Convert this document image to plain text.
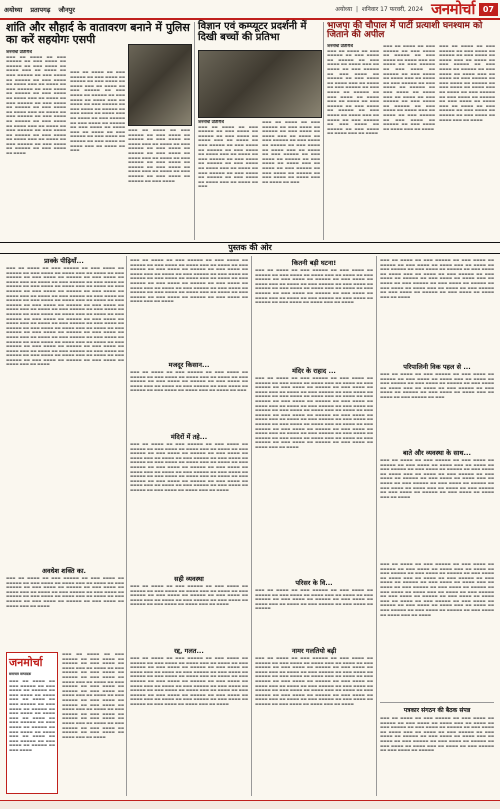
अयोध्या प्रतापगढ़ जौनपुर	अयोध्या  |  शनिवार 17 फरवरी, 2024 जनमोर्चा	07
शांति और सौहार्द के वातावरण बनाने में पुलिस का करें सहयोगः एसपी
जनमोर्चा प्रतिनिधि
▬▬▬ ▬▬ ▬▬▬▬ ▬▬ ▬▬▬ ▬▬▬▬▬ ▬▬ ▬▬▬ ▬▬▬▬ ▬▬ ▬▬▬▬▬ ▬▬ ▬▬▬ ▬▬▬▬ ▬▬ ▬▬▬▬ ▬▬▬ ▬▬ ▬▬▬▬ ▬▬ ▬▬▬ ▬▬▬▬▬ ▬▬ ▬▬▬ ▬▬▬▬ ▬▬ ▬▬▬▬▬ ▬▬ ▬▬▬ ▬▬▬▬ ▬▬ ▬▬▬▬ ▬▬▬ ▬▬ ▬▬▬▬ ▬▬ ▬▬▬ ▬▬▬▬▬ ▬▬ ▬▬▬ ▬▬▬▬ ▬▬ ▬▬▬▬▬ ▬▬ ▬▬▬ ▬▬▬▬ ▬▬ ▬▬▬▬ ▬▬▬ ▬▬ ▬▬▬▬ ▬▬ ▬▬▬ ▬▬▬▬▬ ▬▬ ▬▬▬ ▬▬▬▬ ▬▬ ▬▬▬▬▬ ▬▬ ▬▬▬ ▬▬▬▬ ▬▬ ▬▬▬▬ ▬▬▬ ▬▬ ▬▬▬▬ ▬▬ ▬▬▬ ▬▬▬▬▬ ▬▬ ▬▬▬ ▬▬▬▬ ▬▬ ▬▬▬▬▬ ▬▬ ▬▬▬ ▬▬▬▬ ▬▬ ▬▬▬▬ ▬▬▬ ▬▬ ▬▬▬▬ ▬▬ ▬▬▬ ▬▬▬▬▬ ▬▬ ▬▬▬ ▬▬▬▬ ▬▬ ▬▬▬▬▬ ▬▬ ▬▬▬ ▬▬▬▬ ▬▬ ▬▬▬▬ ▬▬▬ ▬▬ ▬▬▬▬ ▬▬ ▬▬▬ ▬▬▬▬▬ ▬▬ ▬▬▬ ▬▬▬▬ ▬▬ ▬▬▬▬▬ ▬▬ ▬▬▬ ▬▬▬▬ ▬▬ ▬▬▬▬
▬▬▬ ▬▬ ▬▬▬▬ ▬▬ ▬▬▬ ▬▬▬▬▬ ▬▬ ▬▬▬ ▬▬▬▬ ▬▬ ▬▬▬▬▬ ▬▬ ▬▬▬ ▬▬▬▬ ▬▬ ▬▬▬▬ ▬▬▬ ▬▬ ▬▬▬▬ ▬▬ ▬▬▬ ▬▬▬▬▬ ▬▬ ▬▬▬ ▬▬▬▬ ▬▬ ▬▬▬▬▬ ▬▬ ▬▬▬ ▬▬▬▬ ▬▬ ▬▬▬▬ ▬▬▬ ▬▬ ▬▬▬▬ ▬▬ ▬▬▬ ▬▬▬▬▬ ▬▬ ▬▬▬ ▬▬▬▬ ▬▬ ▬▬▬▬▬ ▬▬ ▬▬▬ ▬▬▬▬ ▬▬ ▬▬▬▬ ▬▬▬ ▬▬ ▬▬▬▬ ▬▬ ▬▬▬ ▬▬▬▬▬ ▬▬ ▬▬▬ ▬▬▬▬ ▬▬ ▬▬▬▬▬ ▬▬ ▬▬▬ ▬▬▬▬ ▬▬ ▬▬▬▬ ▬▬▬ ▬▬ ▬▬▬▬ ▬▬ ▬▬▬ ▬▬▬▬▬ ▬▬ ▬▬▬ ▬▬▬▬ ▬▬ ▬▬▬▬▬ ▬▬ ▬▬▬ ▬▬▬▬ ▬▬ ▬▬▬▬ ▬▬▬ ▬▬ ▬▬▬▬ ▬▬ ▬▬▬
▬▬▬ ▬▬ ▬▬▬▬ ▬▬ ▬▬▬ ▬▬▬▬▬ ▬▬ ▬▬▬ ▬▬▬▬ ▬▬ ▬▬▬▬▬ ▬▬ ▬▬▬ ▬▬▬▬ ▬▬ ▬▬▬▬ ▬▬▬ ▬▬ ▬▬▬▬ ▬▬ ▬▬▬ ▬▬▬▬▬ ▬▬ ▬▬▬ ▬▬▬▬ ▬▬ ▬▬▬▬▬ ▬▬ ▬▬▬ ▬▬▬▬ ▬▬ ▬▬▬▬ ▬▬▬ ▬▬ ▬▬▬▬ ▬▬ ▬▬▬ ▬▬▬▬▬ ▬▬ ▬▬▬ ▬▬▬▬ ▬▬ ▬▬▬▬▬ ▬▬ ▬▬▬ ▬▬▬▬ ▬▬ ▬▬▬▬ ▬▬▬ ▬▬ ▬▬▬▬ ▬▬ ▬▬▬ ▬▬▬▬▬ ▬▬ ▬▬▬ ▬▬▬▬ ▬▬ ▬▬▬▬▬ ▬▬ ▬▬▬ ▬▬▬▬
विज्ञान एवं कम्प्यूटर प्रदर्शनी में दिखी बच्चों की प्रतिभा
जनमोर्चा प्रतिनिधि
▬▬▬ ▬▬ ▬▬▬▬ ▬▬ ▬▬▬ ▬▬▬▬▬ ▬▬ ▬▬▬ ▬▬▬▬ ▬▬ ▬▬▬▬▬ ▬▬ ▬▬▬ ▬▬▬▬ ▬▬ ▬▬▬▬ ▬▬▬ ▬▬ ▬▬▬▬ ▬▬ ▬▬▬ ▬▬▬▬▬ ▬▬ ▬▬▬ ▬▬▬▬ ▬▬ ▬▬▬▬▬ ▬▬ ▬▬▬ ▬▬▬▬ ▬▬ ▬▬▬▬ ▬▬▬ ▬▬ ▬▬▬▬ ▬▬ ▬▬▬ ▬▬▬▬▬ ▬▬ ▬▬▬ ▬▬▬▬ ▬▬ ▬▬▬▬▬ ▬▬ ▬▬▬ ▬▬▬▬ ▬▬ ▬▬▬▬ ▬▬▬ ▬▬ ▬▬▬▬ ▬▬ ▬▬▬ ▬▬▬▬▬ ▬▬ ▬▬▬ ▬▬▬▬ ▬▬ ▬▬▬▬▬ ▬▬ ▬▬▬ ▬▬▬▬ ▬▬ ▬▬▬▬ ▬▬▬ ▬▬ ▬▬▬▬ ▬▬ ▬▬▬
▬▬▬ ▬▬ ▬▬▬▬ ▬▬ ▬▬▬ ▬▬▬▬▬ ▬▬ ▬▬▬ ▬▬▬▬ ▬▬ ▬▬▬▬▬ ▬▬ ▬▬▬ ▬▬▬▬ ▬▬ ▬▬▬▬ ▬▬▬ ▬▬ ▬▬▬▬ ▬▬ ▬▬▬ ▬▬▬▬▬ ▬▬ ▬▬▬ ▬▬▬▬ ▬▬ ▬▬▬▬▬ ▬▬ ▬▬▬ ▬▬▬▬ ▬▬ ▬▬▬▬ ▬▬▬ ▬▬ ▬▬▬▬ ▬▬ ▬▬▬ ▬▬▬▬▬ ▬▬ ▬▬▬ ▬▬▬▬ ▬▬ ▬▬▬▬▬ ▬▬ ▬▬▬ ▬▬▬▬ ▬▬ ▬▬▬▬ ▬▬▬ ▬▬ ▬▬▬▬ ▬▬ ▬▬▬ ▬▬▬▬▬ ▬▬ ▬▬▬ ▬▬▬▬ ▬▬ ▬▬▬▬▬ ▬▬ ▬▬▬ ▬▬▬▬ ▬▬ ▬▬▬▬ ▬▬▬ ▬▬ ▬▬▬▬ ▬▬ ▬▬▬
भाजपा की चौपाल में पार्टी प्रत्याशी घनश्याम को जिताने की अपील
जनमोर्चा प्रतिनिधि
▬▬▬ ▬▬ ▬▬▬▬ ▬▬ ▬▬▬ ▬▬▬▬▬ ▬▬ ▬▬▬ ▬▬▬▬ ▬▬ ▬▬▬▬▬ ▬▬ ▬▬▬ ▬▬▬▬ ▬▬ ▬▬▬▬ ▬▬▬ ▬▬ ▬▬▬▬ ▬▬ ▬▬▬ ▬▬▬▬▬ ▬▬ ▬▬▬ ▬▬▬▬ ▬▬ ▬▬▬▬▬ ▬▬ ▬▬▬ ▬▬▬▬ ▬▬ ▬▬▬▬ ▬▬▬ ▬▬ ▬▬▬▬ ▬▬ ▬▬▬ ▬▬▬▬▬ ▬▬ ▬▬▬ ▬▬▬▬ ▬▬ ▬▬▬▬▬ ▬▬ ▬▬▬ ▬▬▬▬ ▬▬ ▬▬▬▬ ▬▬▬ ▬▬ ▬▬▬▬ ▬▬ ▬▬▬ ▬▬▬▬▬ ▬▬ ▬▬▬ ▬▬▬▬ ▬▬ ▬▬▬▬▬ ▬▬ ▬▬▬ ▬▬▬▬ ▬▬ ▬▬▬▬ ▬▬▬ ▬▬ ▬▬▬▬ ▬▬ ▬▬▬ ▬▬▬▬▬ ▬▬ ▬▬▬ ▬▬▬▬ ▬▬ ▬▬▬▬▬ ▬▬ ▬▬▬ ▬▬▬▬ ▬▬ ▬▬▬▬ ▬▬▬ ▬▬ ▬▬▬▬
▬▬▬ ▬▬ ▬▬▬▬ ▬▬ ▬▬▬ ▬▬▬▬▬ ▬▬ ▬▬▬ ▬▬▬▬ ▬▬ ▬▬▬▬▬ ▬▬ ▬▬▬ ▬▬▬▬ ▬▬ ▬▬▬▬ ▬▬▬ ▬▬ ▬▬▬▬ ▬▬ ▬▬▬ ▬▬▬▬▬ ▬▬ ▬▬▬ ▬▬▬▬ ▬▬ ▬▬▬▬▬ ▬▬ ▬▬▬ ▬▬▬▬ ▬▬ ▬▬▬▬ ▬▬▬ ▬▬ ▬▬▬▬ ▬▬ ▬▬▬ ▬▬▬▬▬ ▬▬ ▬▬▬ ▬▬▬▬ ▬▬ ▬▬▬▬▬ ▬▬ ▬▬▬ ▬▬▬▬ ▬▬ ▬▬▬▬ ▬▬▬ ▬▬ ▬▬▬▬ ▬▬ ▬▬▬ ▬▬▬▬▬ ▬▬ ▬▬▬ ▬▬▬▬ ▬▬ ▬▬▬▬▬ ▬▬ ▬▬▬ ▬▬▬▬ ▬▬ ▬▬▬▬ ▬▬▬ ▬▬ ▬▬▬▬ ▬▬ ▬▬▬ ▬▬▬▬▬ ▬▬ ▬▬▬ ▬▬▬▬ ▬▬ ▬▬▬▬▬ ▬▬ ▬▬▬ ▬▬▬▬ ▬▬ ▬▬▬▬ ▬▬▬ ▬▬ ▬▬▬▬
▬▬▬ ▬▬ ▬▬▬▬ ▬▬ ▬▬▬ ▬▬▬▬▬ ▬▬ ▬▬▬ ▬▬▬▬ ▬▬ ▬▬▬▬▬ ▬▬ ▬▬▬ ▬▬▬▬ ▬▬ ▬▬▬▬ ▬▬▬ ▬▬ ▬▬▬▬ ▬▬ ▬▬▬ ▬▬▬▬▬ ▬▬ ▬▬▬ ▬▬▬▬ ▬▬ ▬▬▬▬▬ ▬▬ ▬▬▬ ▬▬▬▬ ▬▬ ▬▬▬▬ ▬▬▬ ▬▬ ▬▬▬▬ ▬▬ ▬▬▬ ▬▬▬▬▬ ▬▬ ▬▬▬ ▬▬▬▬ ▬▬ ▬▬▬▬▬ ▬▬ ▬▬▬ ▬▬▬▬ ▬▬ ▬▬▬▬ ▬▬▬ ▬▬ ▬▬▬▬ ▬▬ ▬▬▬ ▬▬▬▬▬ ▬▬ ▬▬▬ ▬▬▬▬ ▬▬ ▬▬▬▬▬ ▬▬ ▬▬▬ ▬▬▬▬ ▬▬ ▬▬▬▬ ▬▬▬ ▬▬ ▬▬▬▬ ▬▬ ▬▬▬ ▬▬▬▬▬ ▬▬ ▬▬▬ ▬▬▬▬ ▬▬ ▬▬▬▬▬ ▬▬ ▬▬▬ ▬▬▬▬ ▬▬ ▬▬▬▬ ▬▬▬ ▬▬ ▬▬▬▬
पुस्तक की ओर
प्राक्के पीढ़ियाँ...
▬▬▬ ▬▬ ▬▬▬▬ ▬▬ ▬▬▬ ▬▬▬▬▬ ▬▬ ▬▬▬ ▬▬▬▬ ▬▬ ▬▬▬▬▬ ▬▬ ▬▬▬ ▬▬▬▬ ▬▬ ▬▬▬▬ ▬▬▬ ▬▬ ▬▬▬▬ ▬▬ ▬▬▬ ▬▬▬▬▬ ▬▬ ▬▬▬ ▬▬▬▬ ▬▬ ▬▬▬▬▬ ▬▬ ▬▬▬ ▬▬▬▬ ▬▬ ▬▬▬▬ ▬▬▬ ▬▬ ▬▬▬▬ ▬▬ ▬▬▬ ▬▬▬▬▬ ▬▬ ▬▬▬ ▬▬▬▬ ▬▬ ▬▬▬▬▬ ▬▬ ▬▬▬ ▬▬▬▬ ▬▬ ▬▬▬▬ ▬▬▬ ▬▬ ▬▬▬▬ ▬▬ ▬▬▬ ▬▬▬▬▬ ▬▬ ▬▬▬ ▬▬▬▬ ▬▬ ▬▬▬▬▬ ▬▬ ▬▬▬ ▬▬▬▬ ▬▬ ▬▬▬▬ ▬▬▬ ▬▬ ▬▬▬▬ ▬▬ ▬▬▬ ▬▬▬▬▬ ▬▬ ▬▬▬ ▬▬▬▬ ▬▬ ▬▬▬▬▬ ▬▬ ▬▬▬ ▬▬▬▬ ▬▬ ▬▬▬▬ ▬▬▬ ▬▬ ▬▬▬▬ ▬▬ ▬▬▬ ▬▬▬▬▬ ▬▬ ▬▬▬ ▬▬▬▬ ▬▬ ▬▬▬▬▬ ▬▬ ▬▬▬ ▬▬▬▬ ▬▬ ▬▬▬▬ ▬▬▬ ▬▬ ▬▬▬▬ ▬▬ ▬▬▬ ▬▬▬▬▬ ▬▬ ▬▬▬ ▬▬▬▬ ▬▬ ▬▬▬▬▬ ▬▬ ▬▬▬ ▬▬▬▬ ▬▬ ▬▬▬▬ ▬▬▬ ▬▬ ▬▬▬▬ ▬▬ ▬▬▬ ▬▬▬▬▬ ▬▬ ▬▬▬ ▬▬▬▬ ▬▬ ▬▬▬▬▬ ▬▬ ▬▬▬ ▬▬▬▬ ▬▬ ▬▬▬▬ ▬▬▬ ▬▬ ▬▬▬▬ ▬▬ ▬▬▬ ▬▬▬▬▬ ▬▬ ▬▬▬ ▬▬▬▬ ▬▬ ▬▬▬▬▬ ▬▬ ▬▬▬ ▬▬▬▬ ▬▬ ▬▬▬▬ ▬▬▬ ▬▬ ▬▬▬▬ ▬▬ ▬▬▬ ▬▬▬▬▬ ▬▬ ▬▬▬ ▬▬▬▬ ▬▬ ▬▬▬▬▬ ▬▬ ▬▬▬ ▬▬▬▬ ▬▬ ▬▬▬▬ ▬▬▬ ▬▬ ▬▬▬▬ ▬▬ ▬▬▬ ▬▬▬▬▬ ▬▬ ▬▬▬ ▬▬▬▬ ▬▬ ▬▬▬▬▬ ▬▬ ▬▬▬ ▬▬▬▬ ▬▬ ▬▬▬▬ ▬▬▬ ▬▬ ▬▬▬▬ ▬▬ ▬▬▬ ▬▬▬▬▬ ▬▬ ▬▬▬ ▬▬▬▬ ▬▬ ▬▬▬▬▬ ▬▬ ▬▬▬ ▬▬▬▬ ▬▬ ▬▬▬▬ ▬▬▬ ▬▬ ▬▬▬▬ ▬▬ ▬▬▬ ▬▬▬▬▬ ▬▬ ▬▬▬ ▬▬▬▬ ▬▬ ▬▬▬▬▬ ▬▬ ▬▬▬ ▬▬▬▬ ▬▬ ▬▬▬▬ ▬▬▬ ▬▬ ▬▬▬▬ ▬▬ ▬▬▬ ▬▬▬▬▬ ▬▬ ▬▬▬ ▬▬▬▬ ▬▬ ▬▬▬▬▬ ▬▬ ▬▬▬ ▬▬▬▬ ▬▬ ▬▬▬▬ ▬▬▬ ▬▬ ▬▬▬▬
अवधेश शक्ति का.
▬▬▬ ▬▬ ▬▬▬▬ ▬▬ ▬▬▬ ▬▬▬▬▬ ▬▬ ▬▬▬ ▬▬▬▬ ▬▬ ▬▬▬▬▬ ▬▬ ▬▬▬ ▬▬▬▬ ▬▬ ▬▬▬▬ ▬▬▬ ▬▬ ▬▬▬▬ ▬▬ ▬▬▬ ▬▬▬▬▬ ▬▬ ▬▬▬ ▬▬▬▬ ▬▬ ▬▬▬▬▬ ▬▬ ▬▬▬ ▬▬▬▬ ▬▬ ▬▬▬▬ ▬▬▬ ▬▬ ▬▬▬▬ ▬▬ ▬▬▬ ▬▬▬▬▬ ▬▬ ▬▬▬ ▬▬▬▬ ▬▬ ▬▬▬▬▬ ▬▬ ▬▬▬ ▬▬▬▬ ▬▬ ▬▬▬▬ ▬▬▬ ▬▬ ▬▬▬▬ ▬▬ ▬▬▬ ▬▬▬▬▬ ▬▬ ▬▬▬ ▬▬▬▬ ▬▬ ▬▬▬▬▬ ▬▬ ▬▬▬ ▬▬▬▬ ▬▬ ▬▬▬▬ ▬▬▬ ▬▬ ▬▬▬▬
जनमोर्चा
समाचार सम्पादक
▬▬▬ ▬▬ ▬▬▬▬ ▬▬ ▬▬▬ ▬▬▬▬▬ ▬▬ ▬▬▬ ▬▬▬▬ ▬▬ ▬▬▬▬▬ ▬▬ ▬▬▬ ▬▬▬▬ ▬▬ ▬▬▬▬ ▬▬▬ ▬▬ ▬▬▬▬ ▬▬ ▬▬▬ ▬▬▬▬▬ ▬▬ ▬▬▬ ▬▬▬▬ ▬▬ ▬▬▬▬▬ ▬▬ ▬▬▬ ▬▬▬▬ ▬▬ ▬▬▬▬ ▬▬▬ ▬▬ ▬▬▬▬ ▬▬ ▬▬▬ ▬▬▬▬▬ ▬▬ ▬▬▬ ▬▬▬▬ ▬▬ ▬▬▬▬▬ ▬▬ ▬▬▬ ▬▬▬▬ ▬▬ ▬▬▬▬ ▬▬▬ ▬▬ ▬▬▬▬ ▬▬ ▬▬▬ ▬▬▬▬▬ ▬▬ ▬▬▬ ▬▬▬▬ ▬▬ ▬▬▬▬▬ ▬▬ ▬▬▬ ▬▬▬▬
▬▬▬ ▬▬ ▬▬▬▬ ▬▬ ▬▬▬ ▬▬▬▬▬ ▬▬ ▬▬▬ ▬▬▬▬ ▬▬ ▬▬▬▬▬ ▬▬ ▬▬▬ ▬▬▬▬ ▬▬ ▬▬▬▬ ▬▬▬ ▬▬ ▬▬▬▬ ▬▬ ▬▬▬ ▬▬▬▬▬ ▬▬ ▬▬▬ ▬▬▬▬ ▬▬ ▬▬▬▬▬ ▬▬ ▬▬▬ ▬▬▬▬ ▬▬ ▬▬▬▬ ▬▬▬ ▬▬ ▬▬▬▬ ▬▬ ▬▬▬ ▬▬▬▬▬ ▬▬ ▬▬▬ ▬▬▬▬ ▬▬ ▬▬▬▬▬ ▬▬ ▬▬▬ ▬▬▬▬ ▬▬ ▬▬▬▬ ▬▬▬ ▬▬ ▬▬▬▬ ▬▬ ▬▬▬ ▬▬▬▬▬ ▬▬ ▬▬▬ ▬▬▬▬ ▬▬ ▬▬▬▬▬ ▬▬ ▬▬▬ ▬▬▬▬ ▬▬ ▬▬▬▬ ▬▬▬ ▬▬ ▬▬▬▬ ▬▬ ▬▬▬ ▬▬▬▬▬ ▬▬ ▬▬▬ ▬▬▬▬ ▬▬ ▬▬▬▬▬ ▬▬ ▬▬▬ ▬▬▬▬ ▬▬ ▬▬▬▬ ▬▬▬ ▬▬ ▬▬▬▬ ▬▬ ▬▬▬ ▬▬▬▬▬ ▬▬ ▬▬▬ ▬▬▬▬ ▬▬ ▬▬▬▬▬ ▬▬ ▬▬▬ ▬▬▬▬ ▬▬ ▬▬▬▬ ▬▬▬ ▬▬ ▬▬▬▬
▬▬▬ ▬▬ ▬▬▬▬ ▬▬ ▬▬▬ ▬▬▬▬▬ ▬▬ ▬▬▬ ▬▬▬▬ ▬▬ ▬▬▬▬▬ ▬▬ ▬▬▬ ▬▬▬▬ ▬▬ ▬▬▬▬ ▬▬▬ ▬▬ ▬▬▬▬ ▬▬ ▬▬▬ ▬▬▬▬▬ ▬▬ ▬▬▬ ▬▬▬▬ ▬▬ ▬▬▬▬▬ ▬▬ ▬▬▬ ▬▬▬▬ ▬▬ ▬▬▬▬ ▬▬▬ ▬▬ ▬▬▬▬ ▬▬ ▬▬▬ ▬▬▬▬▬ ▬▬ ▬▬▬ ▬▬▬▬ ▬▬ ▬▬▬▬▬ ▬▬ ▬▬▬ ▬▬▬▬ ▬▬ ▬▬▬▬ ▬▬▬ ▬▬ ▬▬▬▬ ▬▬ ▬▬▬ ▬▬▬▬▬ ▬▬ ▬▬▬ ▬▬▬▬ ▬▬ ▬▬▬▬▬ ▬▬ ▬▬▬ ▬▬▬▬ ▬▬ ▬▬▬▬ ▬▬▬ ▬▬ ▬▬▬▬ ▬▬ ▬▬▬ ▬▬▬▬▬ ▬▬ ▬▬▬ ▬▬▬▬ ▬▬ ▬▬▬▬▬ ▬▬ ▬▬▬ ▬▬▬▬ ▬▬ ▬▬▬▬ ▬▬▬ ▬▬ ▬▬▬▬ ▬▬ ▬▬▬ ▬▬▬▬▬ ▬▬ ▬▬▬ ▬▬▬▬ ▬▬ ▬▬▬▬▬ ▬▬ ▬▬▬ ▬▬▬▬ ▬▬ ▬▬▬▬ ▬▬▬ ▬▬ ▬▬▬▬
मजदूर किसान...
▬▬▬ ▬▬ ▬▬▬▬ ▬▬ ▬▬▬ ▬▬▬▬▬ ▬▬ ▬▬▬ ▬▬▬▬ ▬▬ ▬▬▬▬▬ ▬▬ ▬▬▬ ▬▬▬▬ ▬▬ ▬▬▬▬ ▬▬▬ ▬▬ ▬▬▬▬ ▬▬ ▬▬▬ ▬▬▬▬▬ ▬▬ ▬▬▬ ▬▬▬▬ ▬▬ ▬▬▬▬▬ ▬▬ ▬▬▬ ▬▬▬▬ ▬▬ ▬▬▬▬ ▬▬▬ ▬▬ ▬▬▬▬ ▬▬ ▬▬▬ ▬▬▬▬▬ ▬▬ ▬▬▬ ▬▬▬▬ ▬▬ ▬▬▬▬▬ ▬▬ ▬▬▬ ▬▬▬▬ ▬▬ ▬▬▬▬ ▬▬▬ ▬▬ ▬▬▬▬ ▬▬ ▬▬▬
मंदिरों में तहे...
▬▬▬ ▬▬ ▬▬▬▬ ▬▬ ▬▬▬ ▬▬▬▬▬ ▬▬ ▬▬▬ ▬▬▬▬ ▬▬ ▬▬▬▬▬ ▬▬ ▬▬▬ ▬▬▬▬ ▬▬ ▬▬▬▬ ▬▬▬ ▬▬ ▬▬▬▬ ▬▬ ▬▬▬ ▬▬▬▬▬ ▬▬ ▬▬▬ ▬▬▬▬ ▬▬ ▬▬▬▬▬ ▬▬ ▬▬▬ ▬▬▬▬ ▬▬ ▬▬▬▬ ▬▬▬ ▬▬ ▬▬▬▬ ▬▬ ▬▬▬ ▬▬▬▬▬ ▬▬ ▬▬▬ ▬▬▬▬ ▬▬ ▬▬▬▬▬ ▬▬ ▬▬▬ ▬▬▬▬ ▬▬ ▬▬▬▬ ▬▬▬ ▬▬ ▬▬▬▬ ▬▬ ▬▬▬ ▬▬▬▬▬ ▬▬ ▬▬▬ ▬▬▬▬ ▬▬ ▬▬▬▬▬ ▬▬ ▬▬▬ ▬▬▬▬ ▬▬ ▬▬▬▬ ▬▬▬ ▬▬ ▬▬▬▬ ▬▬ ▬▬▬ ▬▬▬▬▬ ▬▬ ▬▬▬ ▬▬▬▬ ▬▬ ▬▬▬▬▬ ▬▬ ▬▬▬ ▬▬▬▬ ▬▬ ▬▬▬▬ ▬▬▬ ▬▬ ▬▬▬▬ ▬▬ ▬▬▬ ▬▬▬▬▬ ▬▬ ▬▬▬ ▬▬▬▬ ▬▬ ▬▬▬▬▬ ▬▬ ▬▬▬ ▬▬▬▬ ▬▬ ▬▬▬▬ ▬▬▬ ▬▬ ▬▬▬▬ ▬▬ ▬▬▬ ▬▬▬▬▬ ▬▬ ▬▬▬ ▬▬▬▬ ▬▬ ▬▬▬▬▬ ▬▬ ▬▬▬ ▬▬▬▬ ▬▬ ▬▬▬▬ ▬▬▬ ▬▬ ▬▬▬▬
सही व्यवस्था
▬▬▬ ▬▬ ▬▬▬▬ ▬▬ ▬▬▬ ▬▬▬▬▬ ▬▬ ▬▬▬ ▬▬▬▬ ▬▬ ▬▬▬▬▬ ▬▬ ▬▬▬ ▬▬▬▬ ▬▬ ▬▬▬▬ ▬▬▬ ▬▬ ▬▬▬▬ ▬▬ ▬▬▬ ▬▬▬▬▬ ▬▬ ▬▬▬ ▬▬▬▬ ▬▬ ▬▬▬▬▬ ▬▬ ▬▬▬ ▬▬▬▬ ▬▬ ▬▬▬▬ ▬▬▬ ▬▬ ▬▬▬▬ ▬▬ ▬▬▬ ▬▬▬▬▬ ▬▬ ▬▬▬ ▬▬▬▬ ▬▬ ▬▬▬▬▬ ▬▬ ▬▬▬ ▬▬▬▬ ▬▬ ▬▬▬▬ ▬▬▬ ▬▬ ▬▬▬▬
रद्द, गलत...
▬▬▬ ▬▬ ▬▬▬▬ ▬▬ ▬▬▬ ▬▬▬▬▬ ▬▬ ▬▬▬ ▬▬▬▬ ▬▬ ▬▬▬▬▬ ▬▬ ▬▬▬ ▬▬▬▬ ▬▬ ▬▬▬▬ ▬▬▬ ▬▬ ▬▬▬▬ ▬▬ ▬▬▬ ▬▬▬▬▬ ▬▬ ▬▬▬ ▬▬▬▬ ▬▬ ▬▬▬▬▬ ▬▬ ▬▬▬ ▬▬▬▬ ▬▬ ▬▬▬▬ ▬▬▬ ▬▬ ▬▬▬▬ ▬▬ ▬▬▬ ▬▬▬▬▬ ▬▬ ▬▬▬ ▬▬▬▬ ▬▬ ▬▬▬▬▬ ▬▬ ▬▬▬ ▬▬▬▬ ▬▬ ▬▬▬▬ ▬▬▬ ▬▬ ▬▬▬▬ ▬▬ ▬▬▬ ▬▬▬▬▬ ▬▬ ▬▬▬ ▬▬▬▬ ▬▬ ▬▬▬▬▬ ▬▬ ▬▬▬ ▬▬▬▬ ▬▬ ▬▬▬▬ ▬▬▬ ▬▬ ▬▬▬▬ ▬▬ ▬▬▬ ▬▬▬▬▬ ▬▬ ▬▬▬ ▬▬▬▬ ▬▬ ▬▬▬▬▬ ▬▬ ▬▬▬ ▬▬▬▬ ▬▬ ▬▬▬▬ ▬▬▬ ▬▬ ▬▬▬▬ ▬▬ ▬▬▬ ▬▬▬▬▬ ▬▬ ▬▬▬ ▬▬▬▬ ▬▬ ▬▬▬▬▬ ▬▬ ▬▬▬ ▬▬▬▬ ▬▬ ▬▬▬▬ ▬▬▬ ▬▬ ▬▬▬▬ ▬▬ ▬▬▬ ▬▬▬▬▬ ▬▬ ▬▬▬ ▬▬▬▬ ▬▬ ▬▬▬▬▬ ▬▬ ▬▬▬ ▬▬▬▬ ▬▬ ▬▬▬▬ ▬▬▬ ▬▬ ▬▬▬▬
कितनी बड़ी घटना!
▬▬▬ ▬▬ ▬▬▬▬ ▬▬ ▬▬▬ ▬▬▬▬▬ ▬▬ ▬▬▬ ▬▬▬▬ ▬▬ ▬▬▬▬▬ ▬▬ ▬▬▬ ▬▬▬▬ ▬▬ ▬▬▬▬ ▬▬▬ ▬▬ ▬▬▬▬ ▬▬ ▬▬▬ ▬▬▬▬▬ ▬▬ ▬▬▬ ▬▬▬▬ ▬▬ ▬▬▬▬▬ ▬▬ ▬▬▬ ▬▬▬▬ ▬▬ ▬▬▬▬ ▬▬▬ ▬▬ ▬▬▬▬ ▬▬ ▬▬▬ ▬▬▬▬▬ ▬▬ ▬▬▬ ▬▬▬▬ ▬▬ ▬▬▬▬▬ ▬▬ ▬▬▬ ▬▬▬▬ ▬▬ ▬▬▬▬ ▬▬▬ ▬▬ ▬▬▬▬ ▬▬ ▬▬▬ ▬▬▬▬▬ ▬▬ ▬▬▬ ▬▬▬▬ ▬▬ ▬▬▬▬▬ ▬▬ ▬▬▬ ▬▬▬▬ ▬▬ ▬▬▬▬ ▬▬▬ ▬▬ ▬▬▬▬ ▬▬ ▬▬▬ ▬▬▬▬▬ ▬▬ ▬▬▬ ▬▬▬▬ ▬▬ ▬▬▬▬▬ ▬▬ ▬▬▬ ▬▬▬▬ ▬▬ ▬▬▬▬ ▬▬▬ ▬▬ ▬▬▬▬
मंदिर के राहाद ...
▬▬▬ ▬▬ ▬▬▬▬ ▬▬ ▬▬▬ ▬▬▬▬▬ ▬▬ ▬▬▬ ▬▬▬▬ ▬▬ ▬▬▬▬▬ ▬▬ ▬▬▬ ▬▬▬▬ ▬▬ ▬▬▬▬ ▬▬▬ ▬▬ ▬▬▬▬ ▬▬ ▬▬▬ ▬▬▬▬▬ ▬▬ ▬▬▬ ▬▬▬▬ ▬▬ ▬▬▬▬▬ ▬▬ ▬▬▬ ▬▬▬▬ ▬▬ ▬▬▬▬ ▬▬▬ ▬▬ ▬▬▬▬ ▬▬ ▬▬▬ ▬▬▬▬▬ ▬▬ ▬▬▬ ▬▬▬▬ ▬▬ ▬▬▬▬▬ ▬▬ ▬▬▬ ▬▬▬▬ ▬▬ ▬▬▬▬ ▬▬▬ ▬▬ ▬▬▬▬ ▬▬ ▬▬▬ ▬▬▬▬▬ ▬▬ ▬▬▬ ▬▬▬▬ ▬▬ ▬▬▬▬▬ ▬▬ ▬▬▬ ▬▬▬▬ ▬▬ ▬▬▬▬ ▬▬▬ ▬▬ ▬▬▬▬ ▬▬ ▬▬▬ ▬▬▬▬▬ ▬▬ ▬▬▬ ▬▬▬▬ ▬▬ ▬▬▬▬▬ ▬▬ ▬▬▬ ▬▬▬▬ ▬▬ ▬▬▬▬ ▬▬▬ ▬▬ ▬▬▬▬ ▬▬ ▬▬▬ ▬▬▬▬▬ ▬▬ ▬▬▬ ▬▬▬▬ ▬▬ ▬▬▬▬▬ ▬▬ ▬▬▬ ▬▬▬▬ ▬▬ ▬▬▬▬ ▬▬▬ ▬▬ ▬▬▬▬ ▬▬ ▬▬▬ ▬▬▬▬▬ ▬▬ ▬▬▬ ▬▬▬▬ ▬▬ ▬▬▬▬▬ ▬▬ ▬▬▬ ▬▬▬▬ ▬▬ ▬▬▬▬ ▬▬▬ ▬▬ ▬▬▬▬ ▬▬ ▬▬▬ ▬▬▬▬▬ ▬▬ ▬▬▬ ▬▬▬▬ ▬▬ ▬▬▬▬▬ ▬▬ ▬▬▬ ▬▬▬▬ ▬▬ ▬▬▬▬ ▬▬▬ ▬▬ ▬▬▬▬ ▬▬ ▬▬▬ ▬▬▬▬▬ ▬▬ ▬▬▬ ▬▬▬▬ ▬▬ ▬▬▬▬▬ ▬▬ ▬▬▬ ▬▬▬▬ ▬▬ ▬▬▬▬ ▬▬▬ ▬▬ ▬▬▬▬ ▬▬ ▬▬▬ ▬▬▬▬▬ ▬▬ ▬▬▬ ▬▬▬▬ ▬▬ ▬▬▬▬▬ ▬▬ ▬▬▬ ▬▬▬▬ ▬▬ ▬▬▬▬ ▬▬▬ ▬▬ ▬▬▬▬
परिसर के वि...
▬▬▬ ▬▬ ▬▬▬▬ ▬▬ ▬▬▬ ▬▬▬▬▬ ▬▬ ▬▬▬ ▬▬▬▬ ▬▬ ▬▬▬▬▬ ▬▬ ▬▬▬ ▬▬▬▬ ▬▬ ▬▬▬▬ ▬▬▬ ▬▬ ▬▬▬▬ ▬▬ ▬▬▬ ▬▬▬▬▬ ▬▬ ▬▬▬ ▬▬▬▬ ▬▬ ▬▬▬▬▬ ▬▬ ▬▬▬ ▬▬▬▬ ▬▬ ▬▬▬▬ ▬▬▬ ▬▬ ▬▬▬▬ ▬▬ ▬▬▬ ▬▬▬▬▬ ▬▬ ▬▬▬ ▬▬▬▬ ▬▬ ▬▬▬▬▬
नामर गलतियो बढ़ी
▬▬▬ ▬▬ ▬▬▬▬ ▬▬ ▬▬▬ ▬▬▬▬▬ ▬▬ ▬▬▬ ▬▬▬▬ ▬▬ ▬▬▬▬▬ ▬▬ ▬▬▬ ▬▬▬▬ ▬▬ ▬▬▬▬ ▬▬▬ ▬▬ ▬▬▬▬ ▬▬ ▬▬▬ ▬▬▬▬▬ ▬▬ ▬▬▬ ▬▬▬▬ ▬▬ ▬▬▬▬▬ ▬▬ ▬▬▬ ▬▬▬▬ ▬▬ ▬▬▬▬ ▬▬▬ ▬▬ ▬▬▬▬ ▬▬ ▬▬▬ ▬▬▬▬▬ ▬▬ ▬▬▬ ▬▬▬▬ ▬▬ ▬▬▬▬▬ ▬▬ ▬▬▬ ▬▬▬▬ ▬▬ ▬▬▬▬ ▬▬▬ ▬▬ ▬▬▬▬ ▬▬ ▬▬▬ ▬▬▬▬▬ ▬▬ ▬▬▬ ▬▬▬▬ ▬▬ ▬▬▬▬▬ ▬▬ ▬▬▬ ▬▬▬▬ ▬▬ ▬▬▬▬ ▬▬▬ ▬▬ ▬▬▬▬ ▬▬ ▬▬▬ ▬▬▬▬▬ ▬▬ ▬▬▬ ▬▬▬▬ ▬▬ ▬▬▬▬▬ ▬▬ ▬▬▬ ▬▬▬▬ ▬▬ ▬▬▬▬ ▬▬▬ ▬▬ ▬▬▬▬ ▬▬ ▬▬▬ ▬▬▬▬▬ ▬▬ ▬▬▬ ▬▬▬▬ ▬▬ ▬▬▬▬▬ ▬▬ ▬▬▬ ▬▬▬▬ ▬▬ ▬▬▬▬ ▬▬▬ ▬▬ ▬▬▬▬ ▬▬ ▬▬▬ ▬▬▬▬▬ ▬▬ ▬▬▬ ▬▬▬▬ ▬▬ ▬▬▬▬▬ ▬▬ ▬▬▬ ▬▬▬▬ ▬▬ ▬▬▬▬ ▬▬▬ ▬▬ ▬▬▬▬
▬▬▬ ▬▬ ▬▬▬▬ ▬▬ ▬▬▬ ▬▬▬▬▬ ▬▬ ▬▬▬ ▬▬▬▬ ▬▬ ▬▬▬▬▬ ▬▬ ▬▬▬ ▬▬▬▬ ▬▬ ▬▬▬▬ ▬▬▬ ▬▬ ▬▬▬▬ ▬▬ ▬▬▬ ▬▬▬▬▬ ▬▬ ▬▬▬ ▬▬▬▬ ▬▬ ▬▬▬▬▬ ▬▬ ▬▬▬ ▬▬▬▬ ▬▬ ▬▬▬▬ ▬▬▬ ▬▬ ▬▬▬▬ ▬▬ ▬▬▬ ▬▬▬▬▬ ▬▬ ▬▬▬ ▬▬▬▬ ▬▬ ▬▬▬▬▬ ▬▬ ▬▬▬ ▬▬▬▬ ▬▬ ▬▬▬▬ ▬▬▬ ▬▬ ▬▬▬▬ ▬▬ ▬▬▬ ▬▬▬▬▬ ▬▬ ▬▬▬ ▬▬▬▬ ▬▬ ▬▬▬▬▬ ▬▬ ▬▬▬ ▬▬▬▬ ▬▬ ▬▬▬▬ ▬▬▬ ▬▬ ▬▬▬▬ ▬▬ ▬▬▬ ▬▬▬▬▬ ▬▬ ▬▬▬ ▬▬▬▬ ▬▬ ▬▬▬▬▬ ▬▬ ▬▬▬ ▬▬▬▬ ▬▬ ▬▬▬▬ ▬▬▬ ▬▬ ▬▬▬▬
परिपालिनी विक पहल से ...
▬▬▬ ▬▬ ▬▬▬▬ ▬▬ ▬▬▬ ▬▬▬▬▬ ▬▬ ▬▬▬ ▬▬▬▬ ▬▬ ▬▬▬▬▬ ▬▬ ▬▬▬ ▬▬▬▬ ▬▬ ▬▬▬▬ ▬▬▬ ▬▬ ▬▬▬▬ ▬▬ ▬▬▬ ▬▬▬▬▬ ▬▬ ▬▬▬ ▬▬▬▬ ▬▬ ▬▬▬▬▬ ▬▬ ▬▬▬ ▬▬▬▬ ▬▬ ▬▬▬▬ ▬▬▬ ▬▬ ▬▬▬▬ ▬▬ ▬▬▬ ▬▬▬▬▬ ▬▬ ▬▬▬ ▬▬▬▬ ▬▬ ▬▬▬▬▬ ▬▬ ▬▬▬ ▬▬▬▬ ▬▬ ▬▬▬▬ ▬▬▬ ▬▬ ▬▬▬▬ ▬▬ ▬▬▬ ▬▬▬▬▬ ▬▬ ▬▬▬
बाते और व्यवस्था के साथ...
▬▬▬ ▬▬ ▬▬▬▬ ▬▬ ▬▬▬ ▬▬▬▬▬ ▬▬ ▬▬▬ ▬▬▬▬ ▬▬ ▬▬▬▬▬ ▬▬ ▬▬▬ ▬▬▬▬ ▬▬ ▬▬▬▬ ▬▬▬ ▬▬ ▬▬▬▬ ▬▬ ▬▬▬ ▬▬▬▬▬ ▬▬ ▬▬▬ ▬▬▬▬ ▬▬ ▬▬▬▬▬ ▬▬ ▬▬▬ ▬▬▬▬ ▬▬ ▬▬▬▬ ▬▬▬ ▬▬ ▬▬▬▬ ▬▬ ▬▬▬ ▬▬▬▬▬ ▬▬ ▬▬▬ ▬▬▬▬ ▬▬ ▬▬▬▬▬ ▬▬ ▬▬▬ ▬▬▬▬ ▬▬ ▬▬▬▬ ▬▬▬ ▬▬ ▬▬▬▬ ▬▬ ▬▬▬ ▬▬▬▬▬ ▬▬ ▬▬▬ ▬▬▬▬ ▬▬ ▬▬▬▬▬ ▬▬ ▬▬▬ ▬▬▬▬ ▬▬ ▬▬▬▬ ▬▬▬ ▬▬ ▬▬▬▬ ▬▬ ▬▬▬ ▬▬▬▬▬ ▬▬ ▬▬▬ ▬▬▬▬ ▬▬ ▬▬▬▬▬ ▬▬ ▬▬▬ ▬▬▬▬ ▬▬ ▬▬▬▬ ▬▬▬ ▬▬ ▬▬▬▬
▬▬▬ ▬▬ ▬▬▬▬ ▬▬ ▬▬▬ ▬▬▬▬▬ ▬▬ ▬▬▬ ▬▬▬▬ ▬▬ ▬▬▬▬▬ ▬▬ ▬▬▬ ▬▬▬▬ ▬▬ ▬▬▬▬ ▬▬▬ ▬▬ ▬▬▬▬ ▬▬ ▬▬▬ ▬▬▬▬▬ ▬▬ ▬▬▬ ▬▬▬▬ ▬▬ ▬▬▬▬▬ ▬▬ ▬▬▬ ▬▬▬▬ ▬▬ ▬▬▬▬ ▬▬▬ ▬▬ ▬▬▬▬ ▬▬ ▬▬▬ ▬▬▬▬▬ ▬▬ ▬▬▬ ▬▬▬▬ ▬▬ ▬▬▬▬▬ ▬▬ ▬▬▬ ▬▬▬▬ ▬▬ ▬▬▬▬ ▬▬▬ ▬▬ ▬▬▬▬ ▬▬ ▬▬▬ ▬▬▬▬▬ ▬▬ ▬▬▬ ▬▬▬▬ ▬▬ ▬▬▬▬▬ ▬▬ ▬▬▬ ▬▬▬▬ ▬▬ ▬▬▬▬ ▬▬▬ ▬▬ ▬▬▬▬ ▬▬ ▬▬▬ ▬▬▬▬▬ ▬▬ ▬▬▬ ▬▬▬▬ ▬▬ ▬▬▬▬▬ ▬▬ ▬▬▬ ▬▬▬▬ ▬▬ ▬▬▬▬ ▬▬▬ ▬▬ ▬▬▬▬ ▬▬ ▬▬▬ ▬▬▬▬▬ ▬▬ ▬▬▬ ▬▬▬▬ ▬▬ ▬▬▬▬▬ ▬▬ ▬▬▬ ▬▬▬▬ ▬▬ ▬▬▬▬ ▬▬▬ ▬▬ ▬▬▬▬ ▬▬ ▬▬▬ ▬▬▬▬▬ ▬▬ ▬▬▬ ▬▬▬▬ ▬▬ ▬▬▬▬▬ ▬▬ ▬▬▬ ▬▬▬▬ ▬▬ ▬▬▬▬ ▬▬▬ ▬▬ ▬▬▬▬
पत्रकार संगठन की बैठक संपन्न
▬▬▬ ▬▬ ▬▬▬▬ ▬▬ ▬▬▬ ▬▬▬▬▬ ▬▬ ▬▬▬ ▬▬▬▬ ▬▬ ▬▬▬▬▬ ▬▬ ▬▬▬ ▬▬▬▬ ▬▬ ▬▬▬▬ ▬▬▬ ▬▬ ▬▬▬▬ ▬▬ ▬▬▬ ▬▬▬▬▬ ▬▬ ▬▬▬ ▬▬▬▬ ▬▬ ▬▬▬▬▬ ▬▬ ▬▬▬ ▬▬▬▬ ▬▬ ▬▬▬▬ ▬▬▬ ▬▬ ▬▬▬▬ ▬▬ ▬▬▬ ▬▬▬▬▬ ▬▬ ▬▬▬ ▬▬▬▬ ▬▬ ▬▬▬▬▬ ▬▬ ▬▬▬ ▬▬▬▬ ▬▬ ▬▬▬▬ ▬▬▬ ▬▬ ▬▬▬▬ ▬▬ ▬▬▬ ▬▬▬▬▬ ▬▬ ▬▬▬ ▬▬▬▬ ▬▬ ▬▬▬▬▬ ▬▬ ▬▬▬ ▬▬▬▬ ▬▬ ▬▬▬▬ ▬▬▬ ▬▬ ▬▬▬▬ ▬▬ ▬▬▬ ▬▬▬▬▬ ▬▬ ▬▬▬ ▬▬▬▬ ▬▬ ▬▬▬▬▬
